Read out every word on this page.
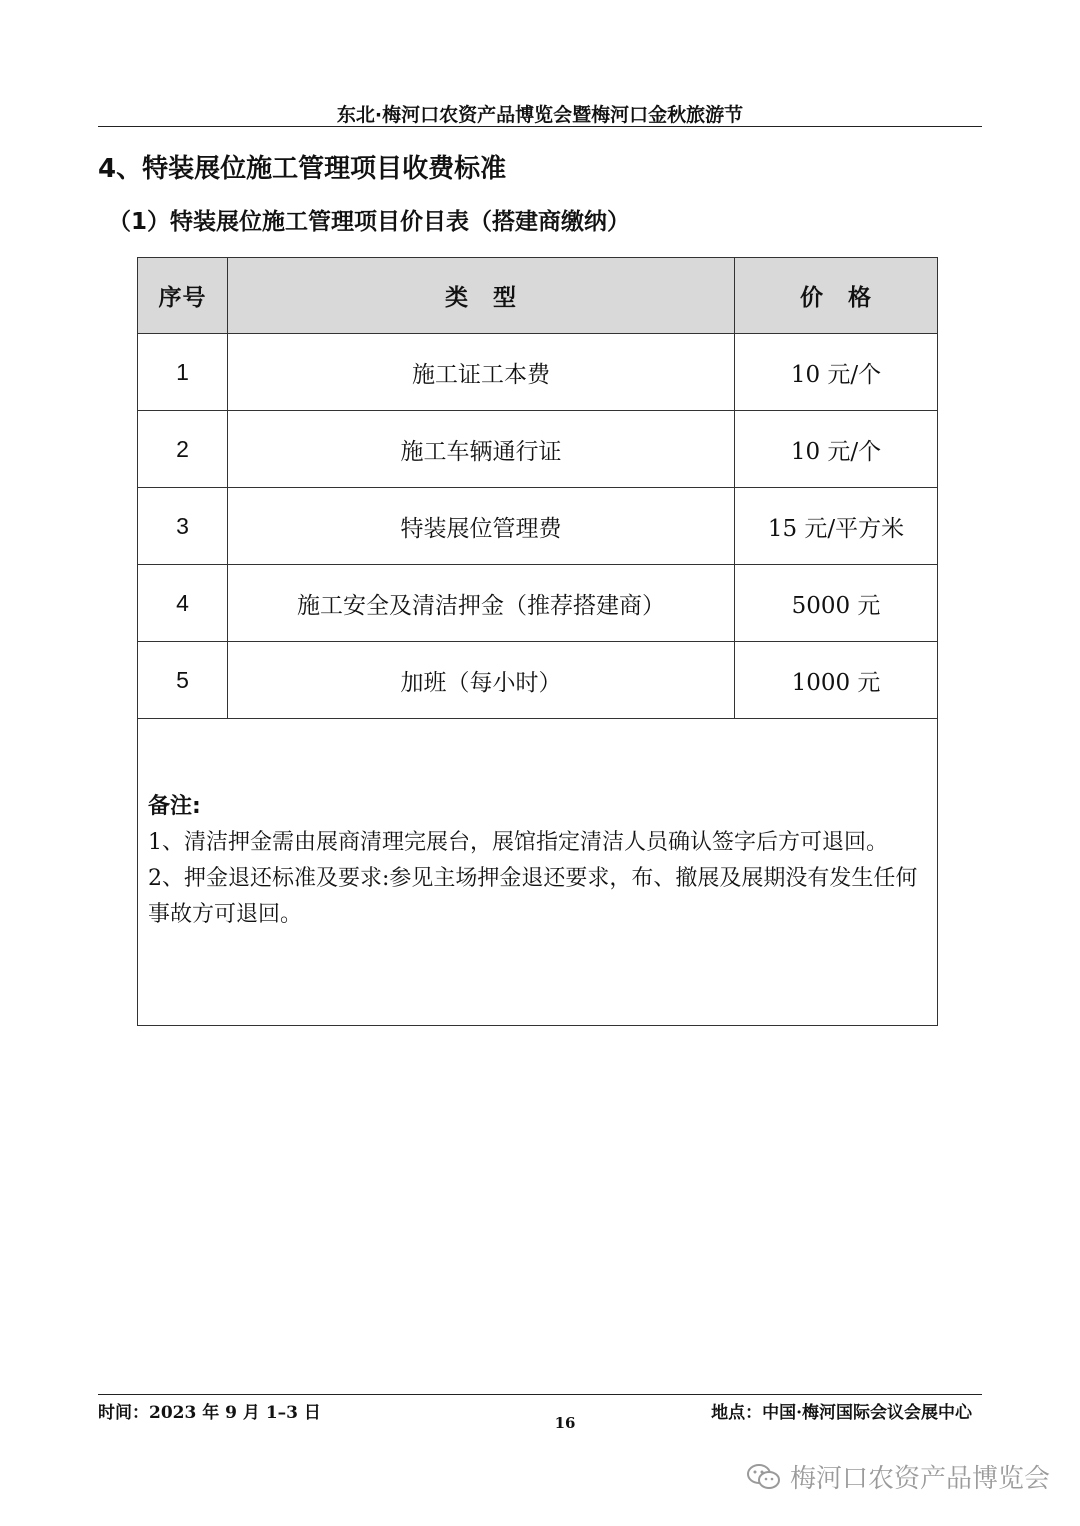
东北·梅河口农资产品博览会暨梅河口金秋旅游节
4、特装展位施工管理项目收费标准
（1）特装展位施工管理项目价目表（搭建商缴纳）
序号	类　型	价　格
1	施工证工本费	10 元/个
2	施工车辆通行证	10 元/个
3	特装展位管理费	15 元/平方米
4	施工安全及清洁押金（推荐搭建商）	5000 元
5	加班（每小时）	1000 元

备注:
1、清洁押金需由展商清理完展台，展馆指定清洁人员确认签字后方可退回。
2、押金退还标准及要求:参见主场押金退还要求，布、撤展及展期没有发生任何事故方可退回。		
时间：2023 年 9 月 1–3 日	地点：中国·梅河国际会议会展中心
16
梅河口农资产品博览会
